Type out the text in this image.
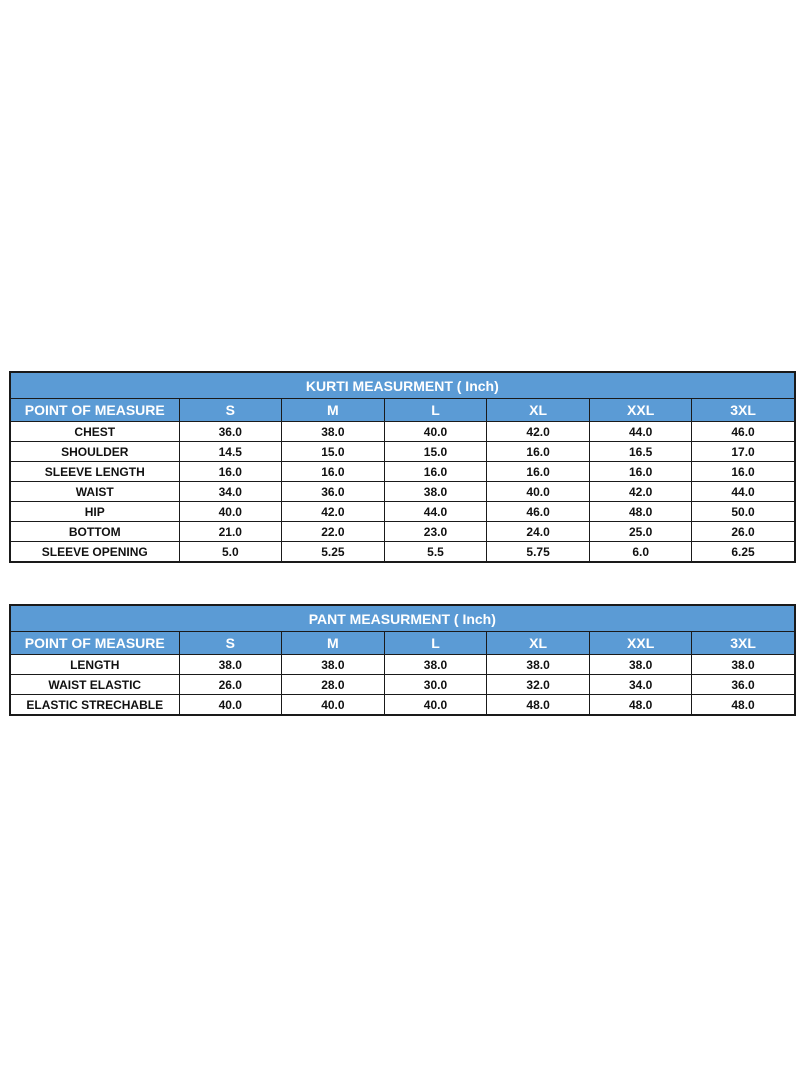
KURTI MEASURMENT ( Inch)						
POINT OF MEASURE	S	M	L	XL	XXL	3XL
CHEST	36.0	38.0	40.0	42.0	44.0	46.0
SHOULDER	14.5	15.0	15.0	16.0	16.5	17.0
SLEEVE LENGTH	16.0	16.0	16.0	16.0	16.0	16.0
WAIST	34.0	36.0	38.0	40.0	42.0	44.0
HIP	40.0	42.0	44.0	46.0	48.0	50.0
BOTTOM	21.0	22.0	23.0	24.0	25.0	26.0
SLEEVE OPENING	5.0	5.25	5.5	5.75	6.0	6.25
PANT MEASURMENT ( Inch)						
POINT OF MEASURE	S	M	L	XL	XXL	3XL
LENGTH	38.0	38.0	38.0	38.0	38.0	38.0
WAIST ELASTIC	26.0	28.0	30.0	32.0	34.0	36.0
ELASTIC STRECHABLE	40.0	40.0	40.0	48.0	48.0	48.0
